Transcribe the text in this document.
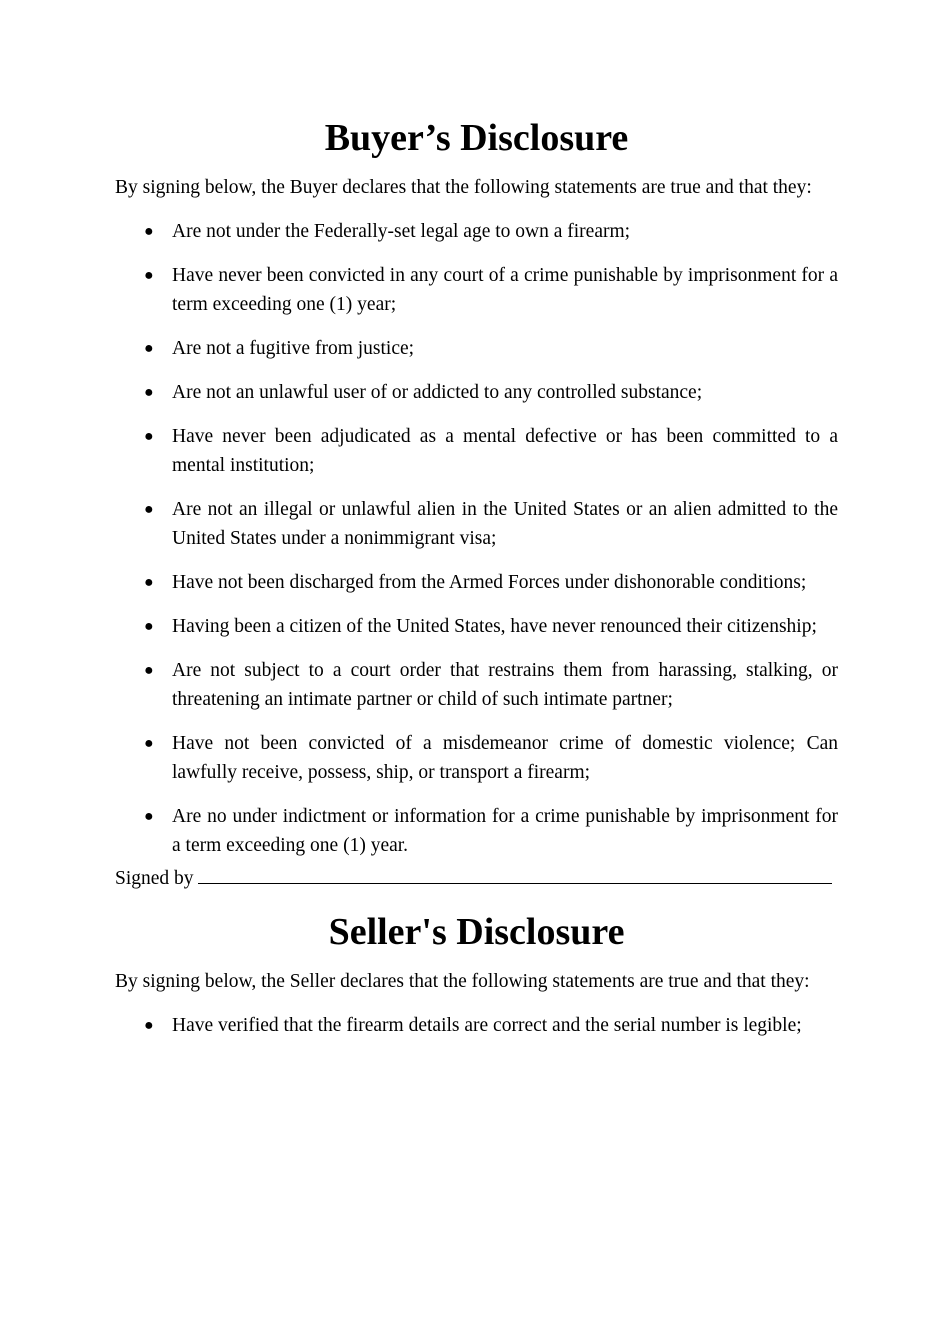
Buyer’s Disclosure

By signing below, the Buyer declares that the following statements are true and that they:

● Are not under the Federally-set legal age to own a firearm;
● Have never been convicted in any court of a crime punishable by imprisonment for a term exceeding one (1) year;
● Are not a fugitive from justice;
● Are not an unlawful user of or addicted to any controlled substance;
● Have never been adjudicated as a mental defective or has been committed to a mental institution;
● Are not an illegal or unlawful alien in the United States or an alien admitted to the United States under a nonimmigrant visa;
● Have not been discharged from the Armed Forces under dishonorable conditions;
● Having been a citizen of the United States, have never renounced their citizenship;
● Are not subject to a court order that restrains them from harassing, stalking, or threatening an intimate partner or child of such intimate partner;
● Have not been convicted of a misdemeanor crime of domestic violence; Can lawfully receive, possess, ship, or transport a firearm;
● Are no under indictment or information for a crime punishable by imprisonment for a term exceeding one (1) year.
Signed by
Seller's Disclosure

By signing below, the Seller declares that the following statements are true and that they:

● Have verified that the firearm details are correct and the serial number is legible;
